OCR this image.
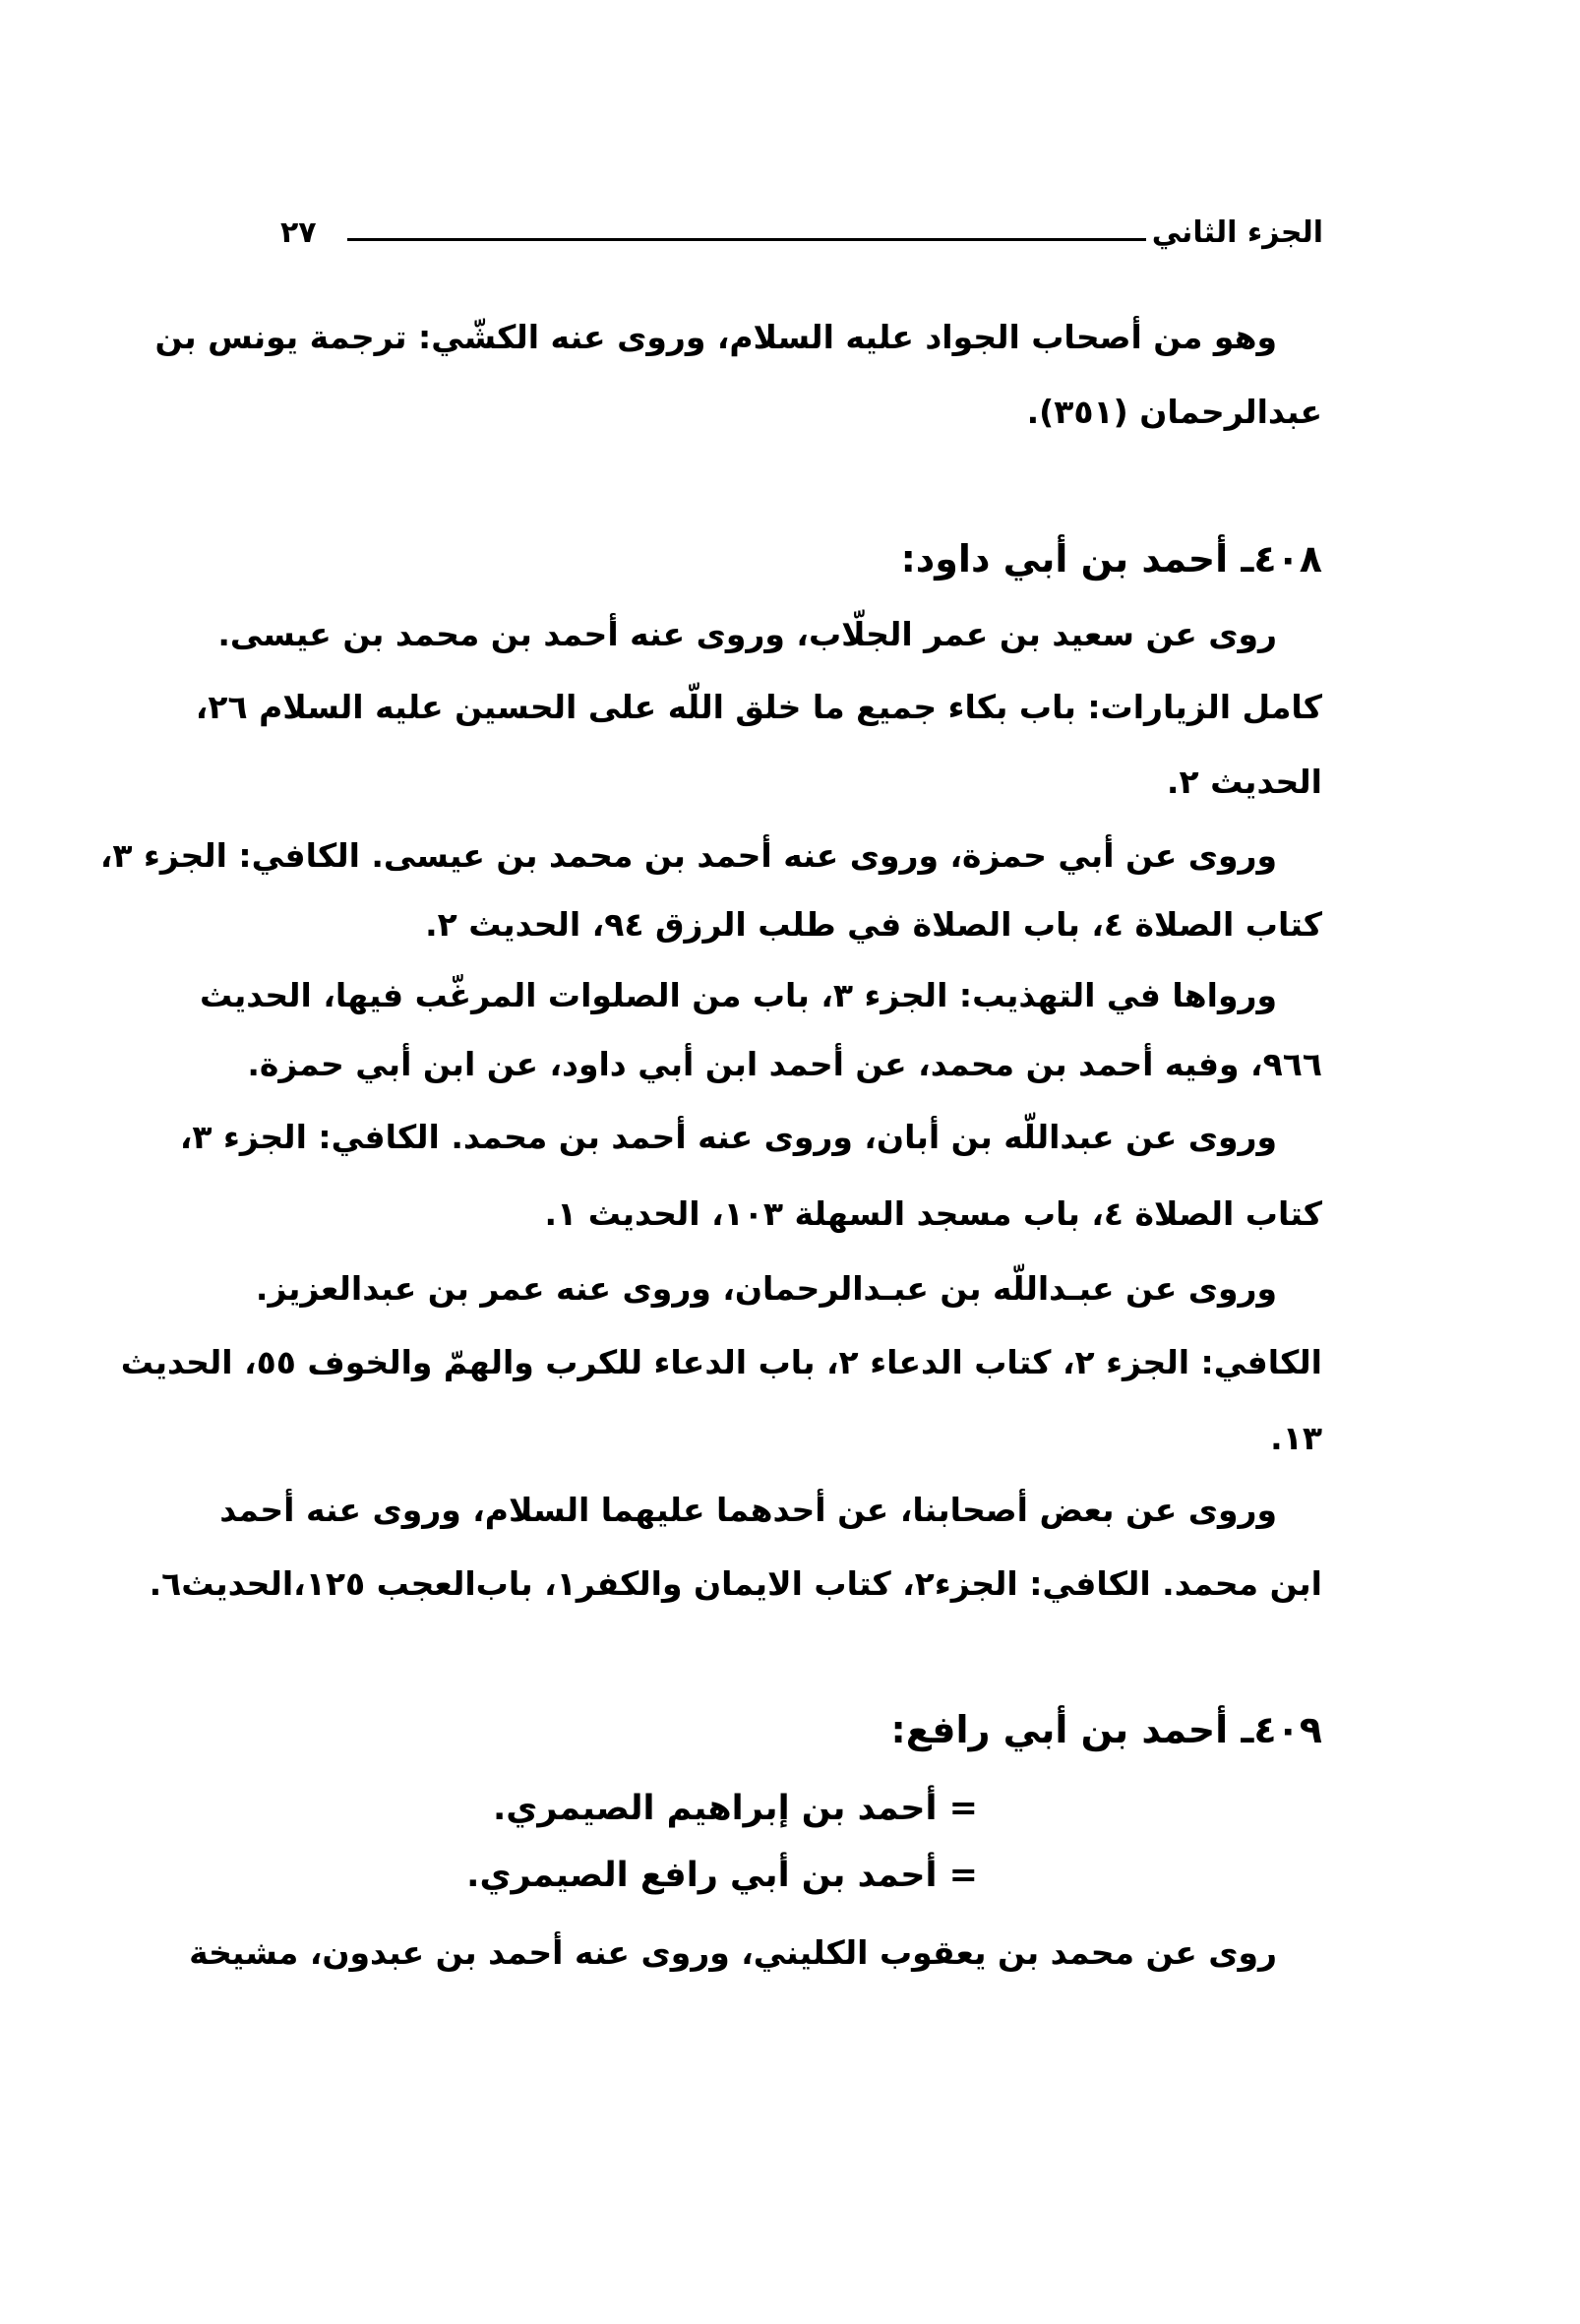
الجزء الثاني
٢٧
وهو من أصحاب الجواد عليه السلام، وروى عنه الكشّي: ترجمة يونس بن
عبدالرحمان (٣٥١).
٤٠٨ـ أحمد بن أبي داود:
روى عن سعيد بن عمر الجلّاب، وروى عنه أحمد بن محمد بن عيسى.
كامل الزيارات: باب بكاء جميع ما خلق اللّه على الحسين عليه السلام ٢٦،
الحديث ٢.
وروى عن أبي حمزة، وروى عنه أحمد بن محمد بن عيسى. الكافي: الجزء ٣،
كتاب الصلاة ٤، باب الصلاة في طلب الرزق ٩٤، الحديث ٢.
ورواها في التهذيب: الجزء ٣، باب من الصلوات المرغّب فيها، الحديث
٩٦٦، وفيه أحمد بن محمد، عن أحمد ابن أبي داود، عن ابن أبي حمزة.
وروى عن عبداللّه بن أبان، وروى عنه أحمد بن محمد. الكافي: الجزء ٣،
كتاب الصلاة ٤، باب مسجد السهلة ١٠٣، الحديث ١.
وروى عن عبـداللّه بن عبـدالرحمان، وروى عنه عمر بن عبدالعزيز.
الكافي: الجزء ٢، كتاب الدعاء ٢، باب الدعاء للكرب والهمّ والخوف ٥٥، الحديث
١٣.
وروى عن بعض أصحابنا، عن أحدهما عليهما السلام، وروى عنه أحمد
ابن محمد. الكافي: الجزء٢، كتاب الايمان والكفر١، باب‌العجب ١٢٥،الحديث٦.
٤٠٩ـ أحمد بن أبي رافع:
= أحمد بن إبراهيم الصيمري.
= أحمد بن أبي رافع الصيمري.
روى عن محمد بن يعقوب الكليني، وروى عنه أحمد بن عبدون، مشيخة
